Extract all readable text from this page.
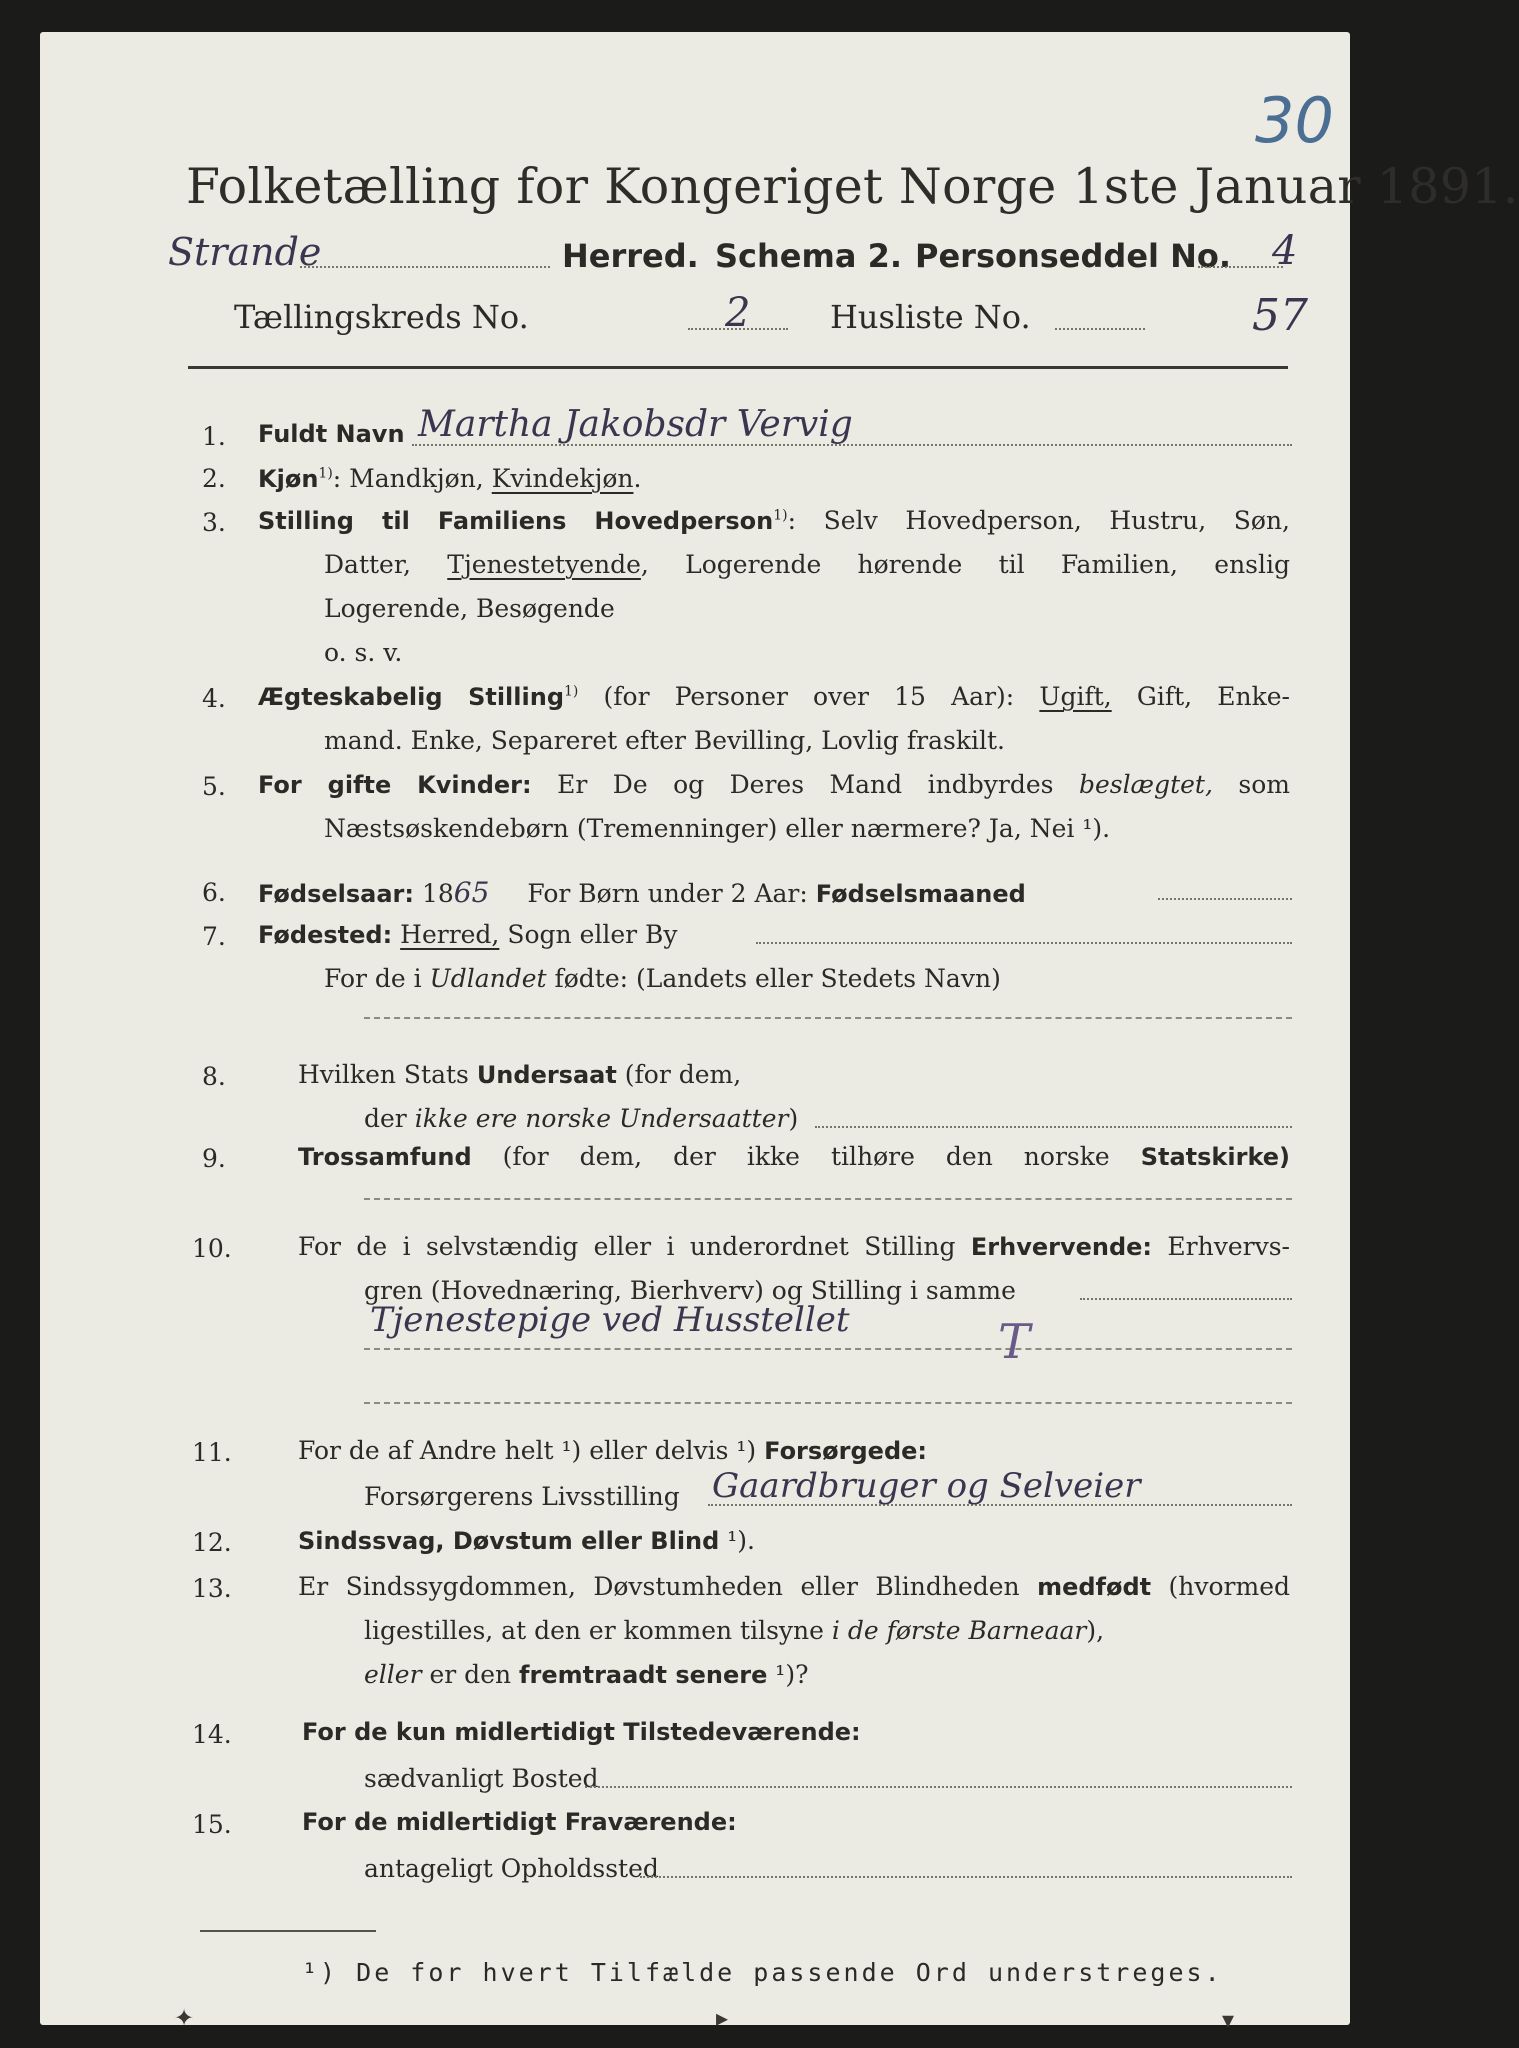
30
Folketælling for Kongeriget Norge 1ste Januar 1891.
Strande	Herred. Schema 2. Personseddel No. 4
Tællingskreds No.	2 Husliste No.	57
1. Fuldt Navn Martha Jakobsdr Vervig
2. Kjøn$^{1)}$: Mandkjøn, Kvindekjøn.
3. Stilling til Familiens Hovedperson$^{1)}$: Selv Hovedperson, Hustru, Søn,
Datter, Tjenestetyende, Logerende hørende til Familien, enslig
Logerende, Besøgende
o. s. v.
4. Ægteskabelig Stilling$^{1)}$ (for Personer over 15 Aar): Ugift, Gift, Enke-
mand. Enke, Separeret efter Bevilling, Lovlig fraskilt.
5. For gifte Kvinder: Er De og Deres Mand indbyrdes beslægtet, som
Næstsøskendebørn (Tremenninger) eller nærmere? Ja, Nei ¹).
6. Fødselsaar: 1865 For Børn under 2 Aar: Fødselsmaaned
7. Fødested: Herred, Sogn eller By
For de i Udlandet fødte: (Landets eller Stedets Navn)
8.	Hvilken Stats Undersaat (for dem,
der ikke ere norske Undersaatter)
9.	Trossamfund (for dem, der ikke tilhøre den norske Statskirke)
10.	For de i selvstændig eller i underordnet Stilling Erhvervende: Erhvervs-
gren (Hovednæring, Bierhverv) og Stilling i samme
Tjenestepige ved Husstellet	T
11.	For de af Andre helt ¹) eller delvis ¹) Forsørgede:
Forsørgerens Livsstilling Gaardbruger og Selveier
12.	Sindssvag, Døvstum eller Blind ¹).
13.	Er Sindssygdommen, Døvstumheden eller Blindheden medfødt (hvormed
ligestilles, at den er kommen tilsyne i de første Barneaar),
eller er den fremtraadt senere ¹)?
14.	For de kun midlertidigt Tilstedeværende:
sædvanligt Bosted
15.	For de midlertidigt Fraværende:
antageligt Opholdssted
¹) De for hvert Tilfælde passende Ord understreges.
✦	▸	▾
